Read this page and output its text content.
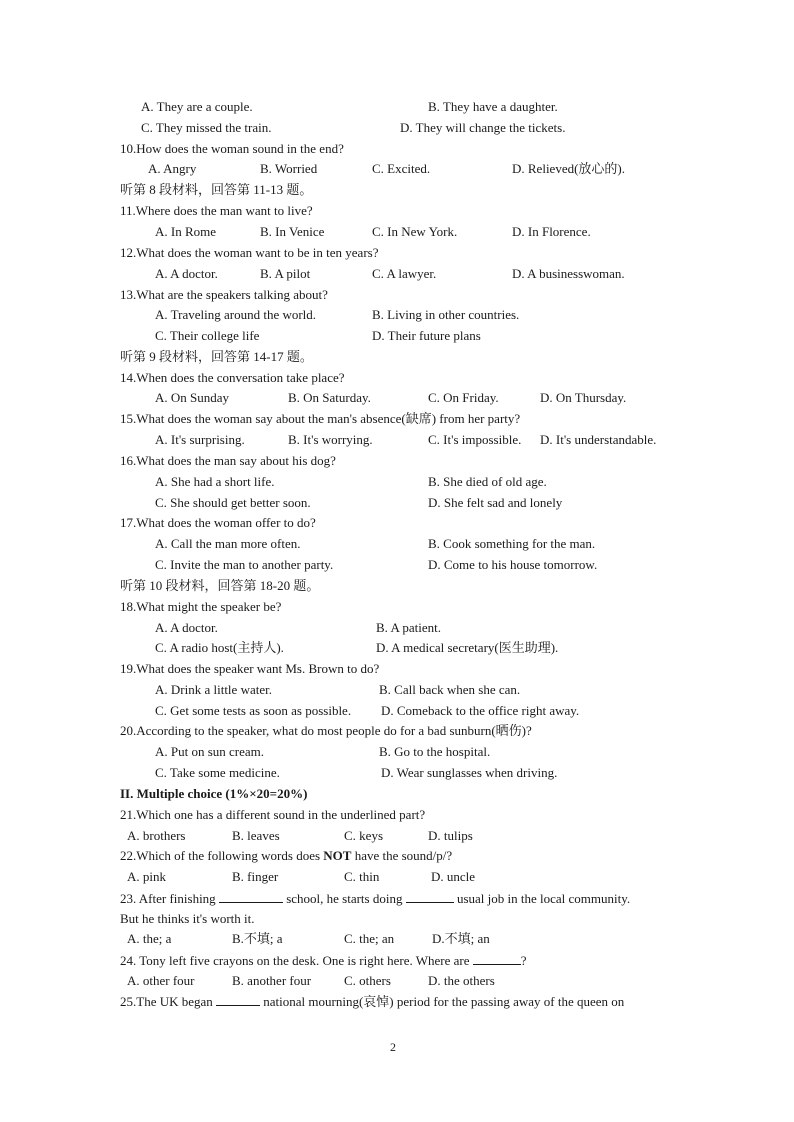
A. They are a couple.	B. They have a daughter.
C. They missed the train.	D. They will change the tickets.
10.How does the woman sound in the end?
A. Angry	B. Worried	C. Excited.	D. Relieved(放心的).
听第 8 段材料，回答第 11-13 题。
11.Where does the man want to live?
A. In Rome	B. In Venice	C. In New York.	D. In Florence.
12.What does the woman want to be in ten years?
A. A doctor.	B. A pilot	C. A lawyer.	D. A businesswoman.
13.What are the speakers talking about?
A. Traveling around the world.	B. Living in other countries.
C. Their college life	D. Their future plans
听第 9 段材料，回答第 14-17 题。
14.When does the conversation take place?
A. On Sunday	B. On Saturday.	C. On Friday.	D. On Thursday.
15.What does the woman say about the man's absence(缺席) from her party?
A. It's surprising.	B. It's worrying.	C. It's impossible. D. It's understandable.
16.What does the man say about his dog?
A. She had a short life.	B. She died of old age.
C. She should get better soon.	D. She felt sad and lonely
17.What does the woman offer to do?
A. Call the man more often.	B. Cook something for the man.
C. Invite the man to another party.	D. Come to his house tomorrow.
听第 10 段材料，回答第 18-20 题。
18.What might the speaker be?
A. A doctor.	B. A patient.
C. A radio host(主持人).	D. A medical secretary(医生助理).
19.What does the speaker want Ms. Brown to do?
A. Drink a little water.	B. Call back when she can.
C. Get some tests as soon as possible. D. Comeback to the office right away.
20.According to the speaker, what do most people do for a bad sunburn(晒伤)?
A. Put on sun cream.	B. Go to the hospital.
C. Take some medicine.	D. Wear sunglasses when driving.
II. Multiple choice (1%×20=20%)
21.Which one has a different sound in the underlined part?
A. brothers	B. leaves	C. keys	D. tulips
22.Which of the following words does NOT have the sound/p/?
A. pink	B. finger	C. thin	D. uncle
23. After finishing	school, he starts doing	usual job in the local community.
But he thinks it's worth it.
A. the; a	B.不填; a	C. the; an	D.不填; an
24. Tony left five crayons on the desk. One is right here. Where are	?
A. other four	B. another four	C. others	D. the others
25.The UK began	national mourning(哀悼) period for the passing away of the queen on
2
